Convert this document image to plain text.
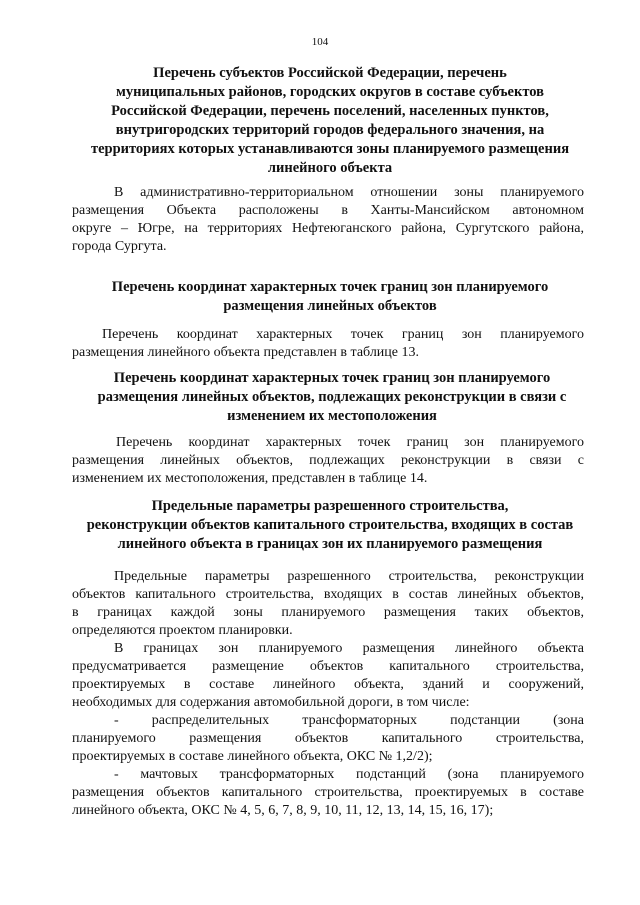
104
Перечень субъектов Российской Федерации, перечень
муниципальных районов, городских округов в составе субъектов
Российской Федерации, перечень поселений, населенных пунктов,
внутригородских территорий городов федерального значения, на
территориях которых устанавливаются зоны планируемого размещения
линейного объекта
В административно-территориальном отношении зоны планируемого
размещения Объекта расположены в Ханты-Мансийском автономном
округе – Югре, на территориях Нефтеюганского района, Сургутского района,
города Сургута.
Перечень координат характерных точек границ зон планируемого
размещения линейных объектов
Перечень координат характерных точек границ зон планируемого
размещения линейного объекта представлен в таблице 13.
Перечень координат характерных точек границ зон планируемого
размещения линейных объектов, подлежащих реконструкции в связи с
изменением их местоположения
Перечень координат характерных точек границ зон планируемого
размещения линейных объектов, подлежащих реконструкции в связи с
изменением их местоположения, представлен в таблице 14.
Предельные параметры разрешенного строительства,
реконструкции объектов капитального строительства, входящих в состав
линейного объекта в границах зон их планируемого размещения
Предельные параметры разрешенного строительства, реконструкции
объектов капитального строительства, входящих в состав линейных объектов,
в границах каждой зоны планируемого размещения таких объектов,
определяются проектом планировки.
В границах зон планируемого размещения линейного объекта
предусматривается размещение объектов капитального строительства,
проектируемых в составе линейного объекта, зданий и сооружений,
необходимых для содержания автомобильной дороги, в том числе:
- распределительных трансформаторных подстанции (зона
планируемого размещения объектов капитального строительства,
проектируемых в составе линейного объекта, ОКС № 1,2/2);
- мачтовых трансформаторных подстанций (зона планируемого
размещения объектов капитального строительства, проектируемых в составе
линейного объекта, ОКС № 4, 5, 6, 7, 8, 9, 10, 11, 12, 13, 14, 15, 16, 17);
